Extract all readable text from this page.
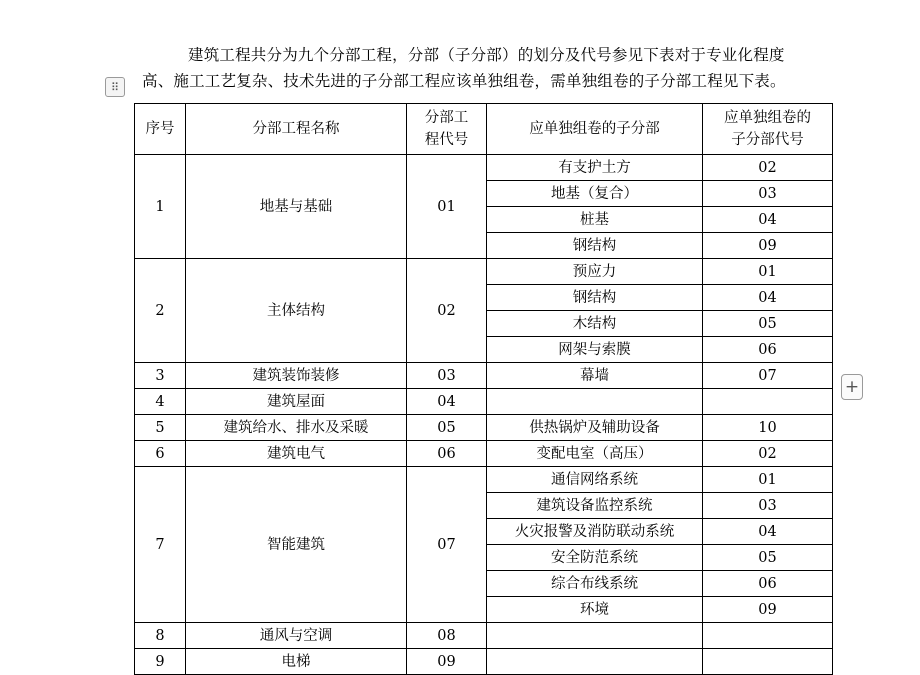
建筑工程共分为九个分部工程，分部（子分部）的划分及代号参见下表对于专业化程度高、施工工艺复杂、技术先进的子分部工程应该单独组卷，需单独组卷的子分部工程见下表。

⠿
序号	分部工程名称	分部工程代号	应单独组卷的子分部	应单独组卷的子分部代号

1	地基与基础	01	有支护土方	02
			地基（复合）	03
			桩基	04
			钢结构	09
2	主体结构	02	预应力	01
			钢结构	04
			木结构	05
			网架与索膜	06
3	建筑装饰装修	03	幕墙	07
4	建筑屋面	04		
5	建筑给水、排水及采暖	05	供热锅炉及辅助设备	10
6	建筑电气	06	变配电室（高压）	02
7	智能建筑	07	通信网络系统	01
			建筑设备监控系统	03
			火灾报警及消防联动系统	04
			安全防范系统	05
			综合布线系统	06
			环境	09
8	通风与空调	08		
9	电梯	09		
+
